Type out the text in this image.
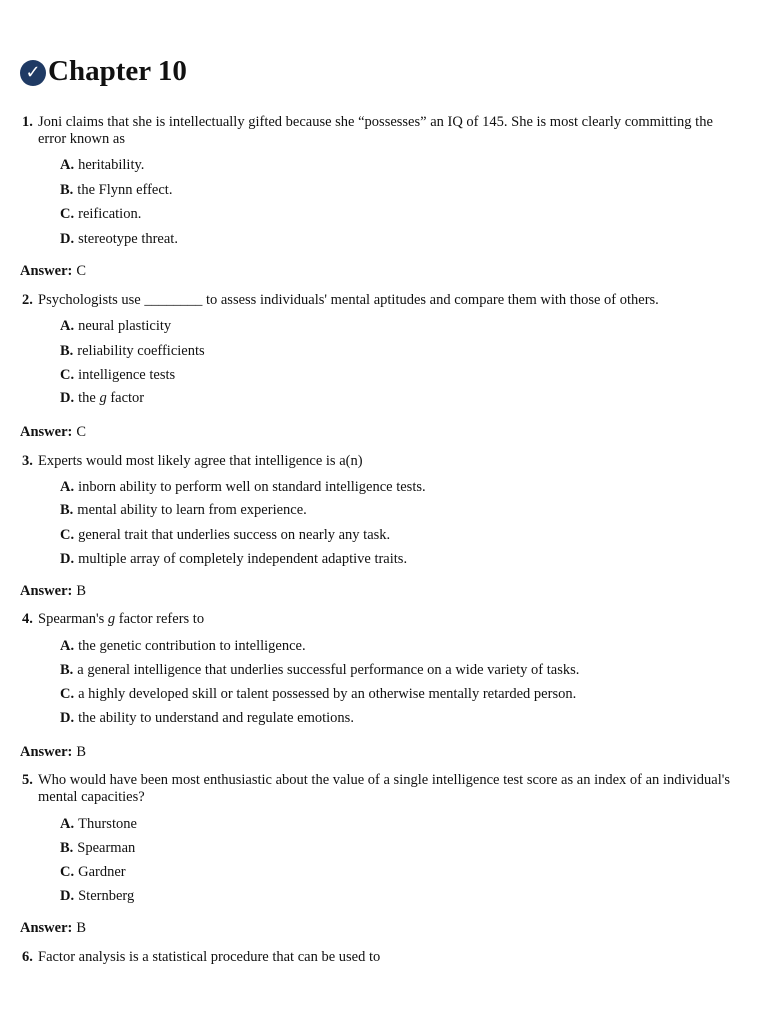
✓ Chapter 10
1. Joni claims that she is intellectually gifted because she “possesses” an IQ of 145. She is most clearly committing the error known as
A. heritability.
B. the Flynn effect.
C. reification.
D. stereotype threat.
Answer: C
2. Psychologists use ________ to assess individuals' mental aptitudes and compare them with those of others.
A. neural plasticity
B. reliability coefficients
C. intelligence tests
D. the g factor
Answer: C
3. Experts would most likely agree that intelligence is a(n)
A. inborn ability to perform well on standard intelligence tests.
B. mental ability to learn from experience.
C. general trait that underlies success on nearly any task.
D. multiple array of completely independent adaptive traits.
Answer: B
4. Spearman's g factor refers to
A. the genetic contribution to intelligence.
B. a general intelligence that underlies successful performance on a wide variety of tasks.
C. a highly developed skill or talent possessed by an otherwise mentally retarded person.
D. the ability to understand and regulate emotions.
Answer: B
5. Who would have been most enthusiastic about the value of a single intelligence test score as an index of an individual's mental capacities?
A. Thurstone
B. Spearman
C. Gardner
D. Sternberg
Answer: B
6. Factor analysis is a statistical procedure that can be used to
